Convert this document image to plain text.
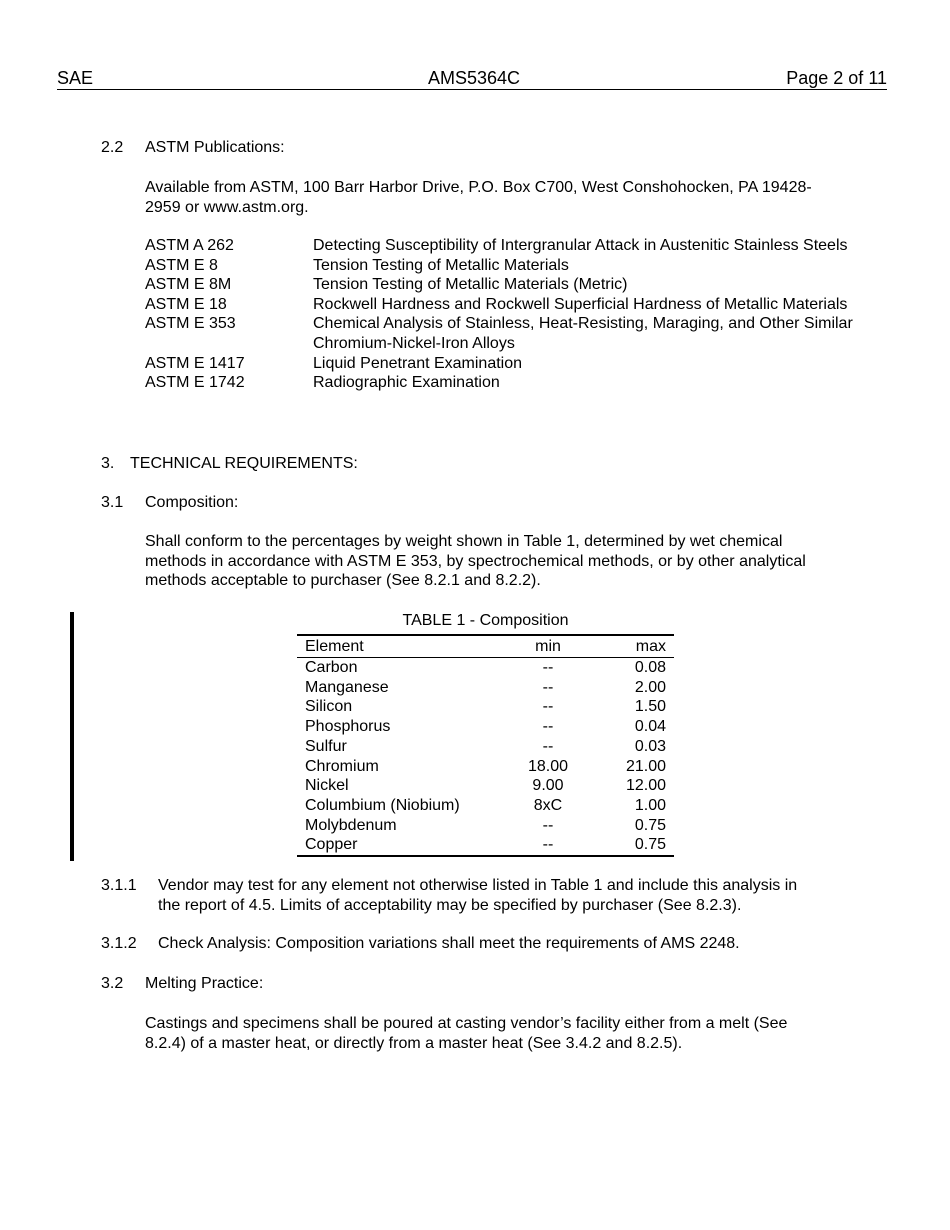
SAE	AMS5364C	Page 2 of 11
2.2 ASTM Publications:
Available from ASTM, 100 Barr Harbor Drive, P.O. Box C700, West Conshohocken, PA 19428-
2959 or www.astm.org.
ASTM A 262	Detecting Susceptibility of Intergranular Attack in Austenitic Stainless Steels
ASTM E 8	Tension Testing of Metallic Materials
ASTM E 8M	Tension Testing of Metallic Materials (Metric)
ASTM E 18	Rockwell Hardness and Rockwell Superficial Hardness of Metallic Materials
ASTM E 353	Chemical Analysis of Stainless, Heat-Resisting, Maraging, and Other Similar Chromium-Nickel-Iron Alloys
ASTM E 1417	Liquid Penetrant Examination
ASTM E 1742	Radiographic Examination
3. TECHNICAL REQUIREMENTS:
3.1 Composition:
Shall conform to the percentages by weight shown in Table 1, determined by wet chemical
methods in accordance with ASTM E 353, by spectrochemical methods, or by other analytical
methods acceptable to purchaser (See 8.2.1 and 8.2.2).
TABLE 1 - Composition
Element	min	max
Carbon	--	0.08
Manganese	--	2.00
Silicon	--	1.50
Phosphorus	--	0.04
Sulfur	--	0.03
Chromium	18.00	21.00
Nickel	9.00	12.00
Columbium (Niobium)	8xC	1.00
Molybdenum	--	0.75
Copper	--	0.75
3.1.1 Vendor may test for any element not otherwise listed in Table 1 and include this analysis in
the report of 4.5. Limits of acceptability may be specified by purchaser (See 8.2.3).
3.1.2 Check Analysis: Composition variations shall meet the requirements of AMS 2248.
3.2 Melting Practice:
Castings and specimens shall be poured at casting vendor’s facility either from a melt (See
8.2.4) of a master heat, or directly from a master heat (See 3.4.2 and 8.2.5).
